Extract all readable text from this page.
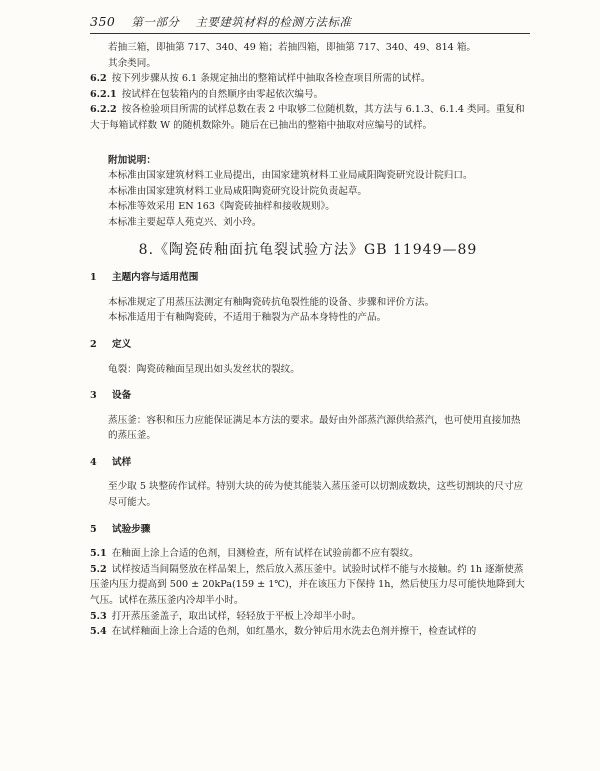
350 第一部分 主要建筑材料的检测方法标准

若抽三箱，即抽第 717、340、49 箱；若抽四箱，即抽第 717、340、49、814 箱。

其余类同。

6.2 按下列步骤从按 6.1 条规定抽出的整箱试样中抽取各检查项目所需的试样。

6.2.1 按试样在包装箱内的自然顺序由零起依次编号。

6.2.2 按各检验项目所需的试样总数在表 2 中取够二位随机数，其方法与 6.1.3、6.1.4 类同。重复和大于每箱试样数 W 的随机数除外。随后在已抽出的整箱中抽取对应编号的试样。

附加说明：

本标准由国家建筑材料工业局提出，由国家建筑材料工业局咸阳陶瓷研究设计院归口。

本标准由国家建筑材料工业局咸阳陶瓷研究设计院负责起草。

本标准等效采用 EN 163《陶瓷砖抽样和接收规则》。

本标准主要起草人苑克兴、刘小玲。

8.《陶瓷砖釉面抗龟裂试验方法》GB 11949—89

1 主题内容与适用范围

本标准规定了用蒸压法测定有釉陶瓷砖抗龟裂性能的设备、步骤和评价方法。

本标准适用于有釉陶瓷砖，不适用于釉裂为产品本身特性的产品。

2 定义

龟裂：陶瓷砖釉面呈现出如头发丝状的裂纹。

3 设备

蒸压釜：容积和压力应能保证满足本方法的要求。最好由外部蒸汽源供给蒸汽，也可使用直接加热的蒸压釜。

4 试样

至少取 5 块整砖作试样。特别大块的砖为使其能装入蒸压釜可以切割成数块，这些切割块的尺寸应尽可能大。

5 试验步骤

5.1 在釉面上涂上合适的色剂，目测检查，所有试样在试验前都不应有裂纹。

5.2 试样按适当间隔竖放在样品架上，然后放入蒸压釜中。试验时试样不能与水接触。约 1h 逐渐使蒸压釜内压力提高到 500 ± 20kPa(159 ± 1℃)，并在该压力下保持 1h，然后使压力尽可能快地降到大气压。试样在蒸压釜内冷却半小时。

5.3 打开蒸压釜盖子，取出试样，轻轻放于平板上冷却半小时。

5.4 在试样釉面上涂上合适的色剂，如红墨水，数分钟后用水洗去色剂并擦干，检查试样的
